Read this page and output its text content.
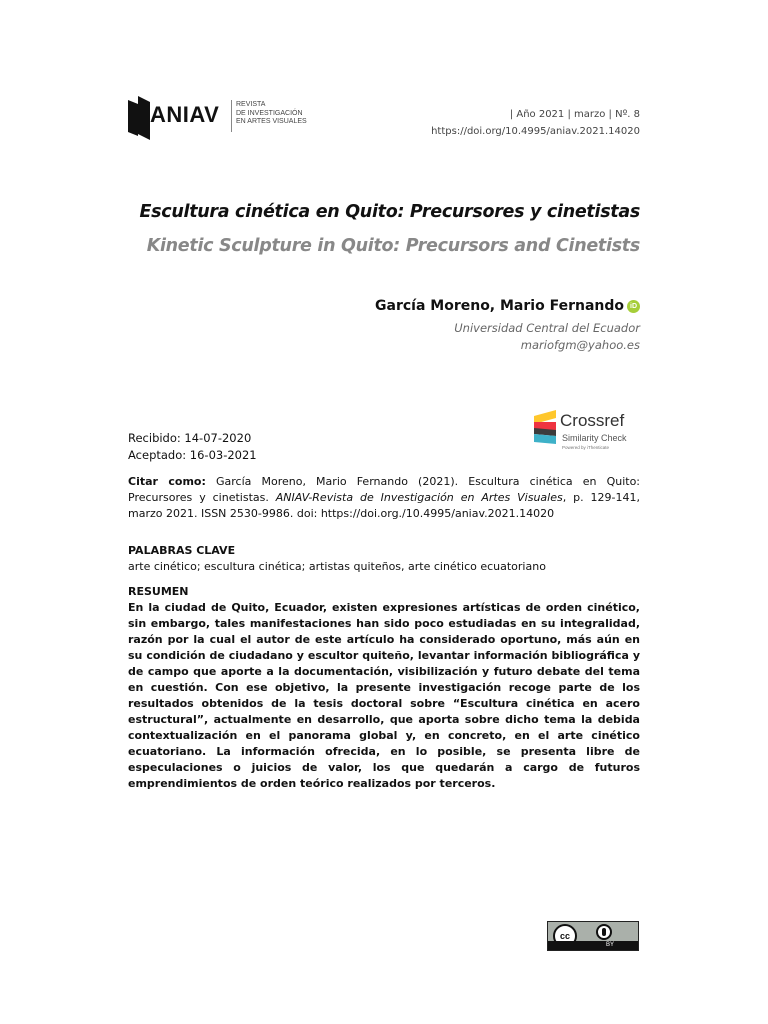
ANIAV REVISTA
DE INVESTIGACIÓN
EN ARTES VISUALES
| Año 2021 | marzo | Nº. 8
https://doi.org/10.4995/aniav.2021.14020
Escultura cinética en Quito: Precursores y cinetistas
Kinetic Sculpture in Quito: Precursors and Cinetists
García Moreno, Mario Fernando iD
Universidad Central del Ecuador
mariofgm@yahoo.es
Crossref
Similarity Check
Powered by iThenticate
Recibido: 14-07-2020
Aceptado: 16-03-2021
Citar como: García Moreno, Mario Fernando (2021). Escultura cinética en Quito: Precursores y cinetistas. ANIAV-Revista de Investigación en Artes Visuales, p. 129-141, marzo 2021. ISSN 2530-9986. doi: https://doi.org./10.4995/aniav.2021.14020
PALABRAS CLAVE
arte cinético; escultura cinética; artistas quiteños, arte cinético ecuatoriano
RESUMEN
En la ciudad de Quito, Ecuador, existen expresiones artísticas de orden cinético, sin embargo, tales manifestaciones han sido poco estudiadas en su integralidad, razón por la cual el autor de este artículo ha considerado oportuno, más aún en su condición de ciudadano y escultor quiteño, levantar información bibliográfica y de campo que aporte a la documentación, visibilización y futuro debate del tema en cuestión. Con ese objetivo, la presente investigación recoge parte de los resultados obtenidos de la tesis doctoral sobre “Escultura cinética en acero estructural”, actualmente en desarrollo, que aporta sobre dicho tema la debida contextualización en el panorama global y, en concreto, en el arte cinético ecuatoriano. La información ofrecida, en lo posible, se presenta libre de especulaciones o juicios de valor, los que quedarán a cargo de futuros emprendimientos de orden teórico realizados por terceros.
cc
BY
